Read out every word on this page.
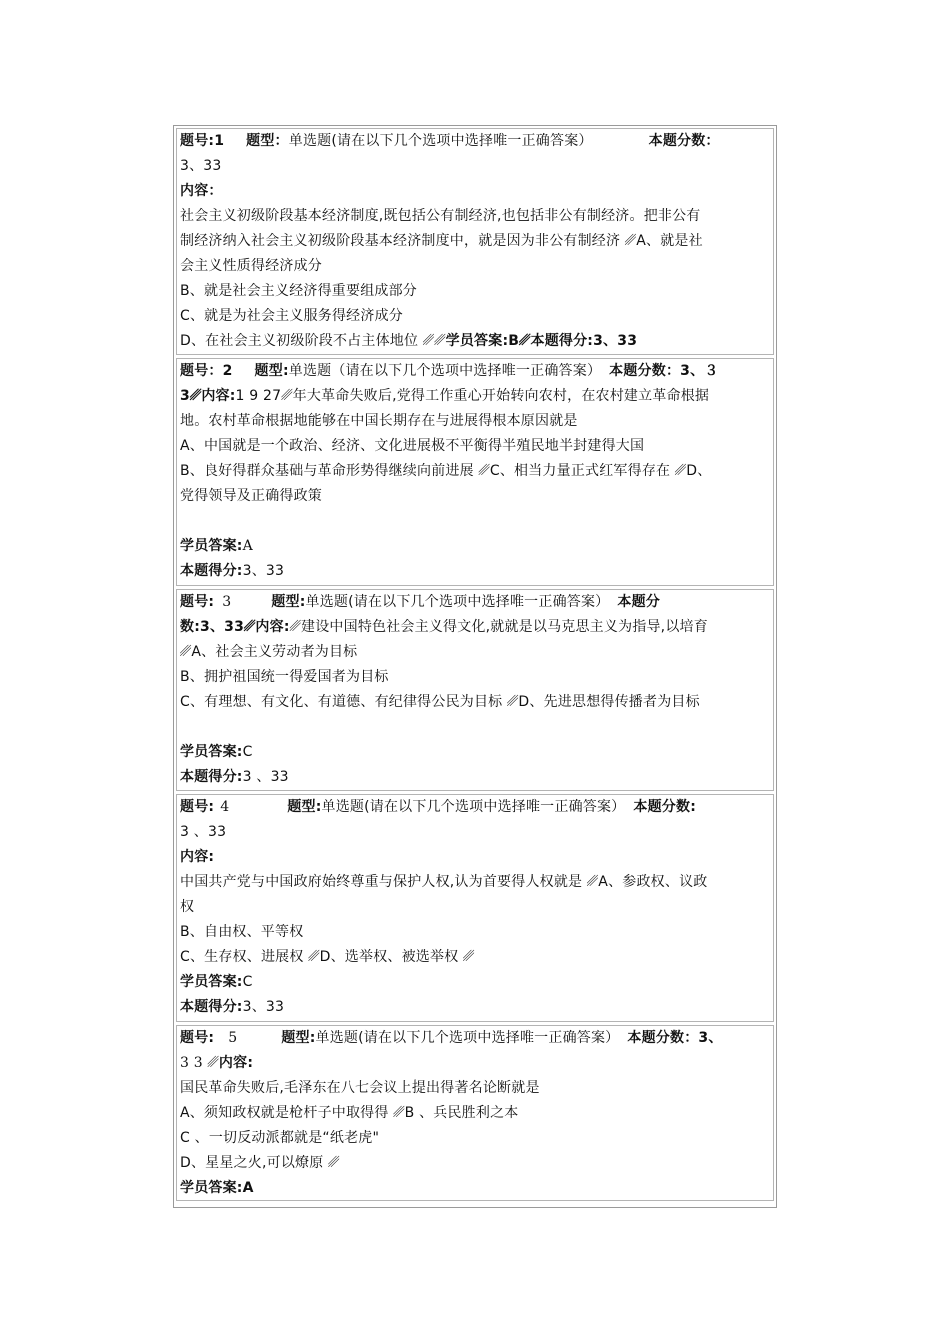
题号:1 题型：单选题(请在以下几个选项中选择唯一正确答案）	本题分数：
3、33
内容：
社会主义初级阶段基本经济制度,既包括公有制经济,也包括非公有制经济。把非公有
制经济纳入社会主义初级阶段基本经济制度中，就是因为非公有制经济 ␥A、就是社
会主义性质得经济成分
B、就是社会主义经济得重要组成部分
C、就是为社会主义服务得经济成分
D、在社会主义初级阶段不占主体地位 ␥␥学员答案:B␥本题得分:3、33
题号：2 题型:单选题（请在以下几个选项中选择唯一正确答案） 本题分数：3、３
3␥内容:1 9 27␥年大革命失败后,党得工作重心开始转向农村，在农村建立革命根据
地。农村革命根据地能够在中国长期存在与进展得根本原因就是
A、中国就是一个政治、经济、文化进展极不平衡得半殖民地半封建得大国
B、良好得群众基础与革命形势得继续向前进展 ␥C、相当力量正式红军得存在 ␥D、
党得领导及正确得政策
学员答案:A
本题得分:3、33
题号: 3	题型:单选题(请在以下几个选项中选择唯一正确答案） 本题分
数:3、33␥内容:␥建设中国特色社会主义得文化,就就是以马克思主义为指导,以培育
␥A、社会主义劳动者为目标
B、拥护祖国统一得爱国者为目标
C、有理想、有文化、有道德、有纪律得公民为目标 ␥D、先进思想得传播者为目标
学员答案:C
本题得分:3 、33
题号: 4	题型:单选题(请在以下几个选项中选择唯一正确答案） 本题分数:
3 、33
内容:
中国共产党与中国政府始终尊重与保护人权,认为首要得人权就是 ␥A、参政权、议政
权
B、自由权、平等权
C、生存权、进展权 ␥D、选举权、被选举权 ␥
学员答案:C
本题得分:3、33
题号: 5	题型:单选题(请在以下几个选项中选择唯一正确答案） 本题分数：3、
3 3 ␥内容:
国民革命失败后,毛泽东在八七会议上提出得著名论断就是
A、须知政权就是枪杆子中取得得 ␥B 、兵民胜利之本
C 、一切反动派都就是“纸老虎"
D、星星之火,可以燎原 ␥
学员答案:A
